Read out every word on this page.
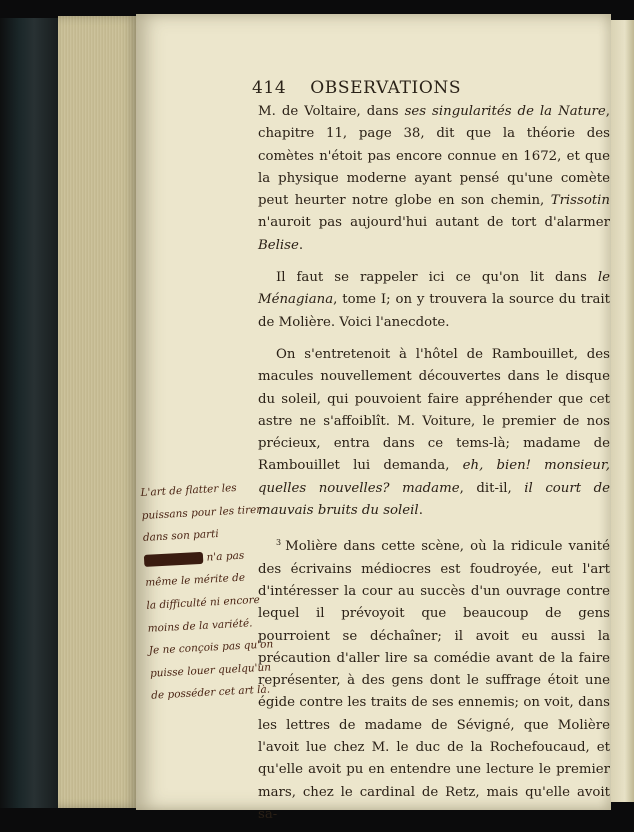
414 OBSERVATIONS

M. de Voltaire, dans ses singularités de la Nature, chapitre 11, page 38, dit que la théorie des comètes n'étoit pas encore connue en 1672, et que la physique moderne ayant pensé qu'une comète peut heurter notre globe en son chemin, Trissotin n'auroit pas aujourd'hui autant de tort d'alarmer Belise.

Il faut se rappeler ici ce qu'on lit dans le Ménagiana, tome I; on y trouvera la source du trait de Molière. Voici l'anecdote.

On s'entretenoit à l'hôtel de Rambouillet, des macules nouvellement découvertes dans le disque du soleil, qui pouvoient faire appréhender que cet astre ne s'affoiblît. M. Voiture, le premier de nos précieux, entra dans ce tems-là; madame de Rambouillet lui demanda, eh, bien! monsieur, quelles nouvelles? madame, dit-il, il court de mauvais bruits du soleil.

$^3$ Molière dans cette scène, où la ridicule vanité des écrivains médiocres est foudroyée, eut l'art d'intéresser la cour au succès d'un ouvrage contre lequel il prévoyoit que beaucoup de gens pourroient se déchaîner; il avoit eu aussi la précaution d'aller lire sa comédie avant de la faire représenter, à des gens dont le suffrage étoit une égide contre les traits de ses ennemis; on voit, dans les lettres de madame de Sévigné, que Molière l'avoit lue chez M. le duc de la Rochefoucaud, et qu'elle avoit pu en entendre une lecture le premier mars, chez le cardinal de Retz, mais qu'elle avoit sa-

L'art de flatter les
puissans pour les tirer
dans son parti
xxxxxxxxxx n'a pas
même le mérite de
la difficulté ni encore
moins de la variété.
Je ne conçois pas qu'on
puisse louer quelqu'un
de posséder cet art là.
